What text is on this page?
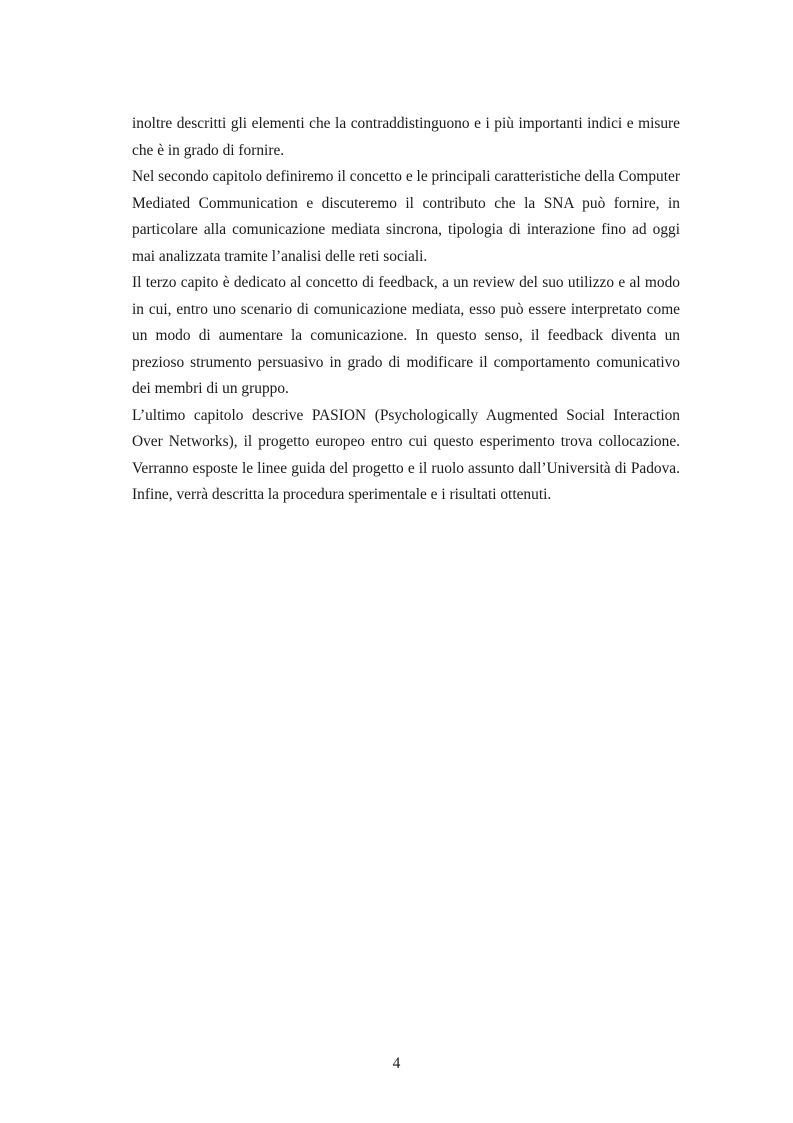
inoltre descritti gli elementi che la contraddistinguono e i più importanti indici e misure che è in grado di fornire.

Nel secondo capitolo definiremo il concetto e le principali caratteristiche della Computer Mediated Communication e discuteremo il contributo che la SNA può fornire, in particolare alla comunicazione mediata sincrona, tipologia di interazione fino ad oggi mai analizzata tramite l’analisi delle reti sociali.

Il terzo capito è dedicato al concetto di feedback, a un review del suo utilizzo e al modo in cui, entro uno scenario di comunicazione mediata, esso può essere interpretato come un modo di aumentare la comunicazione. In questo senso, il feedback diventa un prezioso strumento persuasivo in grado di modificare il comportamento comunicativo dei membri di un gruppo.

L’ultimo capitolo descrive PASION (Psychologically Augmented Social Interaction Over Networks), il progetto europeo entro cui questo esperimento trova collocazione. Verranno esposte le linee guida del progetto e il ruolo assunto dall’Università di Padova. Infine, verrà descritta la procedura sperimentale e i risultati ottenuti.

4
